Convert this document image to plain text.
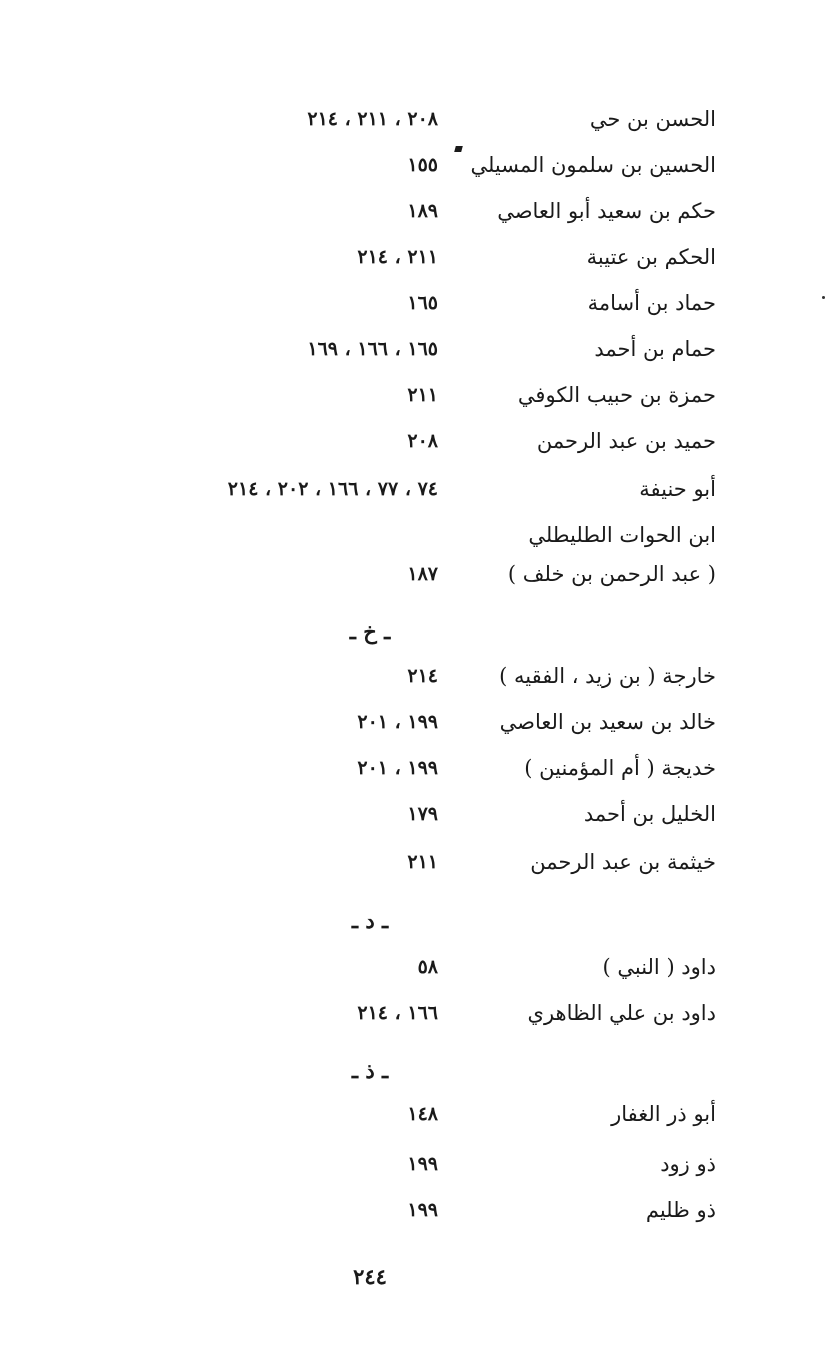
الحسن بن حي
٢٠٨ ، ٢١١ ، ٢١٤
الحسين بن سلمون المسيلي
١٥٥
حكم بن سعيد أبو العاصي
١٨٩
الحكم بن عتيبة
٢١١ ، ٢١٤
حماد بن أسامة
١٦٥
حمام بن أحمد
١٦٥ ، ١٦٦ ، ١٦٩
حمزة بن حبيب الكوفي
٢١١
حميد بن عبد الرحمن
٢٠٨
أبو حنيفة
٧٤ ، ٧٧ ، ١٦٦ ، ٢٠٢ ، ٢١٤
ابن الحوات الطليطلي
( عبد الرحمن بن خلف )
١٨٧
ـ خ ـ
خارجة ( بن زيد ، الفقيه )
٢١٤
خالد بن سعيد بن العاصي
١٩٩ ، ٢٠١
خديجة ( أم المؤمنين )
١٩٩ ، ٢٠١
الخليل بن أحمد
١٧٩
خيثمة بن عبد الرحمن
٢١١
ـ د ـ
داود ( النبي )
٥٨
داود بن علي الظاهري
١٦٦ ، ٢١٤
ـ ذ ـ
أبو ذر الغفار
١٤٨
ذو زود
١٩٩
ذو ظليم
١٩٩
٢٤٤
